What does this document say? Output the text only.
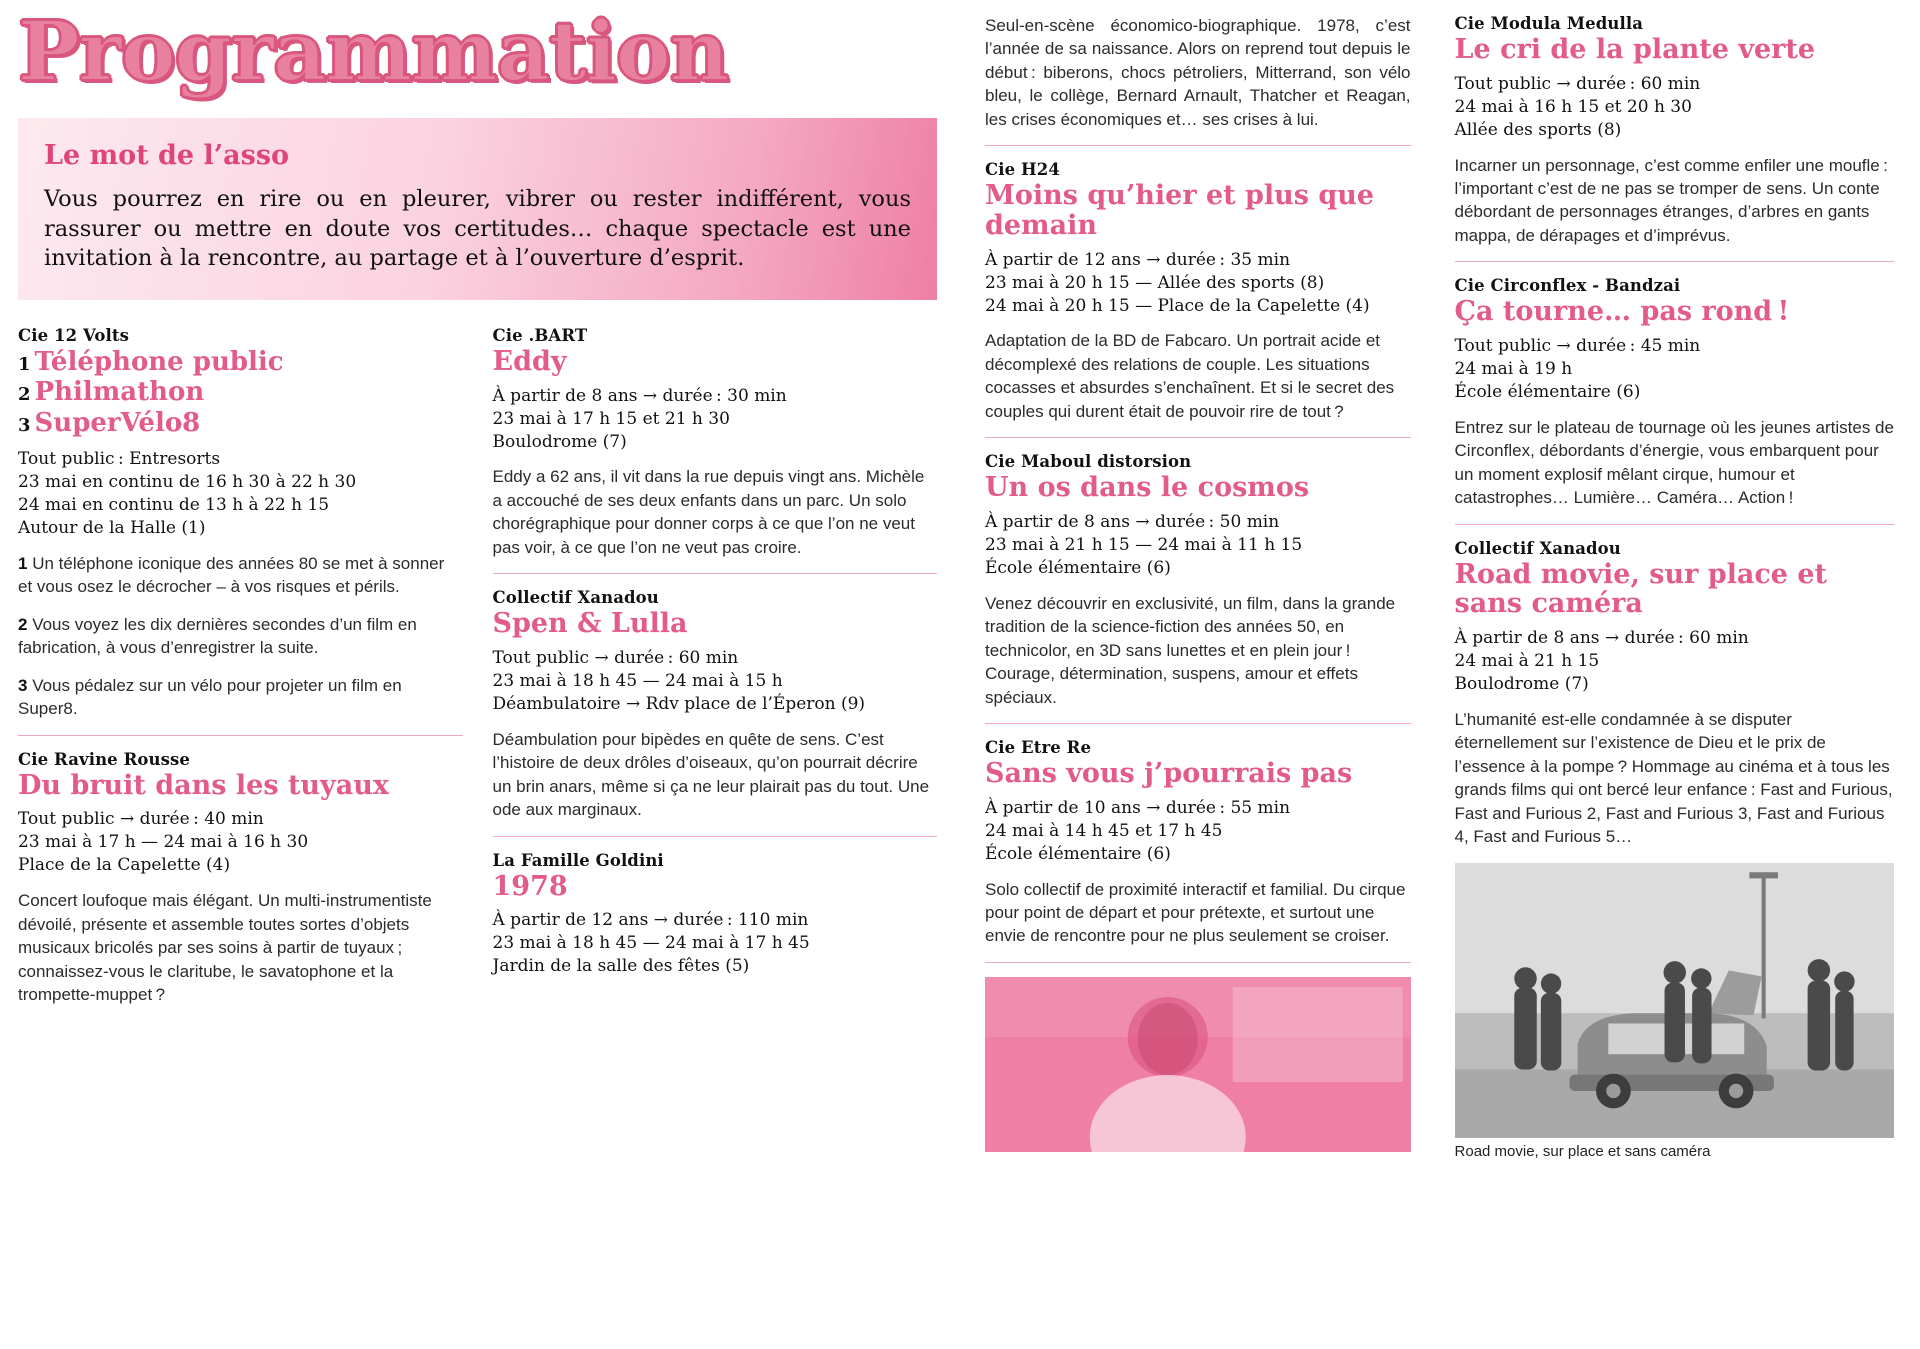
Programmation
Le mot de l’asso

Vous pourrez en rire ou en pleurer, vibrer ou rester indifférent, vous rassurer ou mettre en doute vos certitudes… chaque spectacle est une invitation à la rencontre, au partage et à l’ouverture d’esprit.

Cie 12 Volts
1 Téléphone public
2 Philmathon
3 SuperVélo8
Tout public : Entresorts
23 mai en continu de 16 h 30 à 22 h 30
24 mai en continu de 13 h à 22 h 15
Autour de la Halle (1)

1 Un téléphone iconique des années 80 se met à sonner et vous osez le décrocher – à vos risques et périls.

2 Vous voyez les dix dernières secondes d’un film en fabrication, à vous d’enregistrer la suite.

3 Vous pédalez sur un vélo pour projeter un film en Super8.

Cie Ravine Rousse
Du bruit dans les tuyaux
Tout public → durée : 40 min
23 mai à 17 h — 24 mai à 16 h 30
Place de la Capelette (4)

Concert loufoque mais élégant. Un multi-instrumentiste dévoilé, présente et assemble toutes sortes d’objets musicaux bricolés par ses soins à partir de tuyaux ; connaissez-vous le claritube, le savatophone et la trompette-muppet ?

Cie .BART
Eddy
À partir de 8 ans → durée : 30 min
23 mai à 17 h 15 et 21 h 30
Boulodrome (7)

Eddy a 62 ans, il vit dans la rue depuis vingt ans. Michèle a accouché de ses deux enfants dans un parc. Un solo chorégraphique pour donner corps à ce que l’on ne veut pas voir, à ce que l’on ne veut pas croire.

Collectif Xanadou
Spen & Lulla
Tout public → durée : 60 min
23 mai à 18 h 45 — 24 mai à 15 h
Déambulatoire → Rdv place de l’Éperon (9)

Déambulation pour bipèdes en quête de sens. C’est l’histoire de deux drôles d’oiseaux, qu’on pourrait décrire un brin anars, même si ça ne leur plairait pas du tout. Une ode aux marginaux.

La Famille Goldini
1978
À partir de 12 ans → durée : 110 min
23 mai à 18 h 45 — 24 mai à 17 h 45
Jardin de la salle des fêtes (5)

Seul-en-scène économico-biographique. 1978, c’est l’année de sa naissance. Alors on reprend tout depuis le début : biberons, chocs pétroliers, Mitterrand, son vélo bleu, le collège, Bernard Arnault, Thatcher et Reagan, les crises économiques et… ses crises à lui.

Cie H24
Moins qu’hier et plus que demain
À partir de 12 ans → durée : 35 min
23 mai à 20 h 15 — Allée des sports (8)
24 mai à 20 h 15 — Place de la Capelette (4)

Adaptation de la BD de Fabcaro. Un portrait acide et décomplexé des relations de couple. Les situations cocasses et absurdes s’enchaînent. Et si le secret des couples qui durent était de pouvoir rire de tout ?

Cie Maboul distorsion
Un os dans le cosmos
À partir de 8 ans → durée : 50 min
23 mai à 21 h 15 — 24 mai à 11 h 15
École élémentaire (6)

Venez découvrir en exclusivité, un film, dans la grande tradition de la science-fiction des années 50, en technicolor, en 3D sans lunettes et en plein jour ! Courage, détermination, suspens, amour et effets spéciaux.

Cie Etre Re
Sans vous j’pourrais pas
À partir de 10 ans → durée : 55 min
24 mai à 14 h 45 et 17 h 45
École élémentaire (6)

Solo collectif de proximité interactif et familial. Du cirque pour point de départ et pour prétexte, et surtout une envie de rencontre pour ne plus seulement se croiser.

Cie Modula Medulla
Le cri de la plante verte
Tout public → durée : 60 min
24 mai à 16 h 15 et 20 h 30
Allée des sports (8)

Incarner un personnage, c’est comme enfiler une moufle : l’important c’est de ne pas se tromper de sens. Un conte débordant de personnages étranges, d’arbres en gants mappa, de dérapages et d’imprévus.

Cie Circonflex - Bandzai
Ça tourne… pas rond !
Tout public → durée : 45 min
24 mai à 19 h
École élémentaire (6)

Entrez sur le plateau de tournage où les jeunes artistes de Circonflex, débordants d’énergie, vous embarquent pour un moment explosif mêlant cirque, humour et catastrophes… Lumière… Caméra… Action !

Collectif Xanadou
Road movie, sur place et sans caméra
À partir de 8 ans → durée : 60 min
24 mai à 21 h 15
Boulodrome (7)

L’humanité est-elle condamnée à se disputer éternellement sur l’existence de Dieu et le prix de l’essence à la pompe ? Hommage au cinéma et à tous les grands films qui ont bercé leur enfance : Fast and Furious, Fast and Furious 2, Fast and Furious 3, Fast and Furious 4, Fast and Furious 5…

Road movie, sur place et sans caméra
